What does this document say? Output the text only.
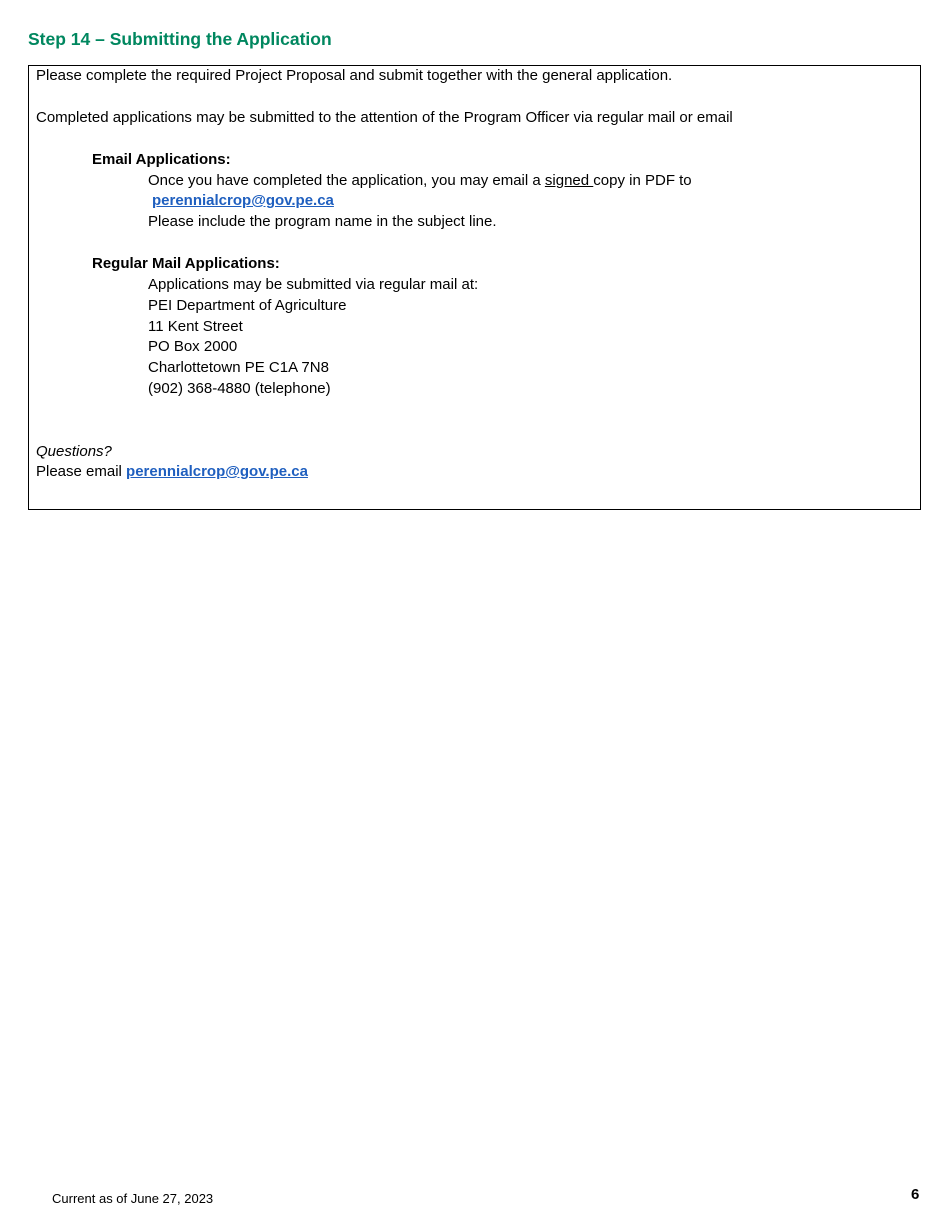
Step 14 – Submitting the Application
Please complete the required Project Proposal and submit together with the general application.
Completed applications may be submitted to the attention of the Program Officer via regular mail or email
Email Applications:
Once you have completed the application, you may email a signed copy in PDF to
perennialcrop@gov.pe.ca
Please include the program name in the subject line.
Regular Mail Applications:
Applications may be submitted via regular mail at:
PEI Department of Agriculture
11 Kent Street
PO Box 2000
Charlottetown PE C1A 7N8
(902) 368-4880 (telephone)
Questions?
Please email perennialcrop@gov.pe.ca
Current as of June 27, 2023	6
